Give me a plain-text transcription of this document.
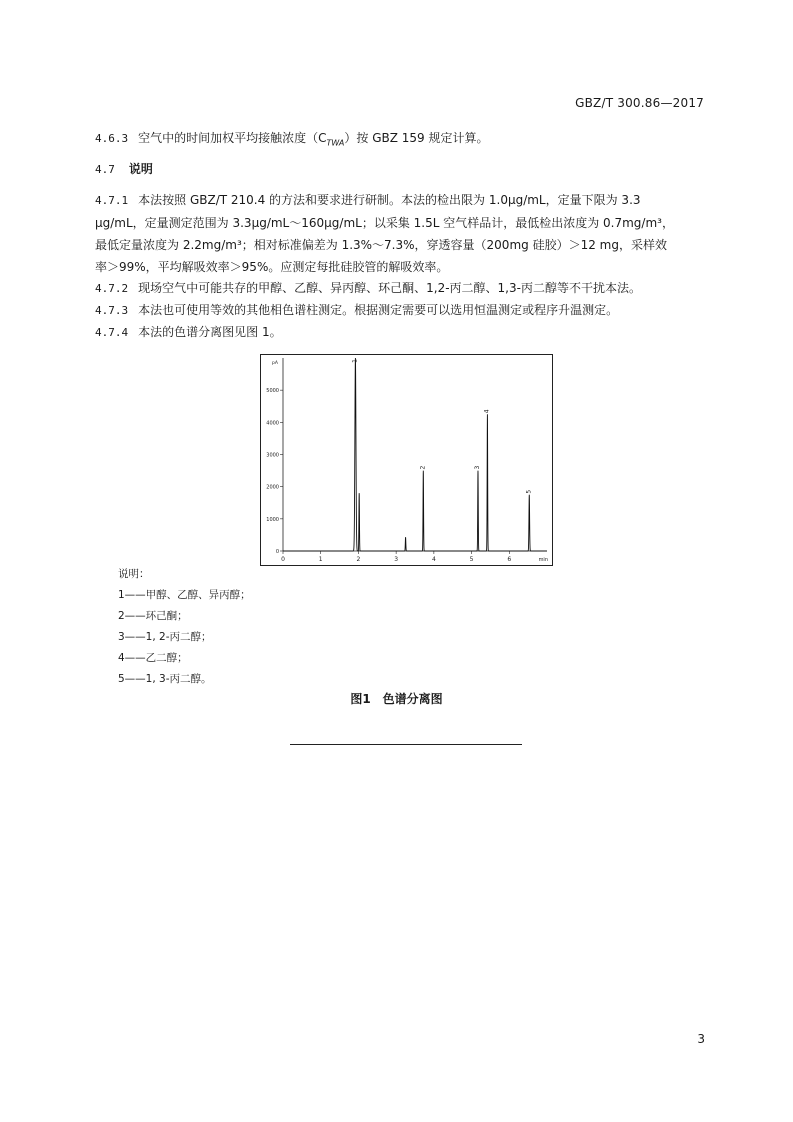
GBZ/T 300.86—2017
4.6.3 空气中的时间加权平均接触浓度$(C_{TWA})$按 GBZ 159 规定计算。
4.7 说明
4.7.1 本法按照 GBZ/T 210.4 的方法和要求进行研制。本法的检出限为 1.0μg/mL，定量下限为 3.3
μg/mL，定量测定范围为 3.3μg/mL～160μg/mL；以采集 1.5L 空气样品计，最低检出浓度为 0.7mg/m³，
最低定量浓度为 2.2mg/m³；相对标准偏差为 1.3%～7.3%，穿透容量（200mg 硅胶）＞12 mg，采样效
率＞99%，平均解吸效率＞95%。应测定每批硅胶管的解吸效率。
4.7.2 现场空气中可能共存的甲醇、乙醇、异丙醇、环己酮、1,2-丙二醇、1,3-丙二醇等不干扰本法。
4.7.3 本法也可使用等效的其他相色谱柱测定。根据测定需要可以选用恒温测定或程序升温测定。
4.7.4 本法的色谱分离图见图 1。
0	1	2	3	4	5	6	min
0
1000
2000
3000
4000
5000
pA	1
2	3
4
5
说明：
1——甲醇、乙醇、异丙醇；
2——环己酮；
3——1, 2-丙二醇；
4——乙二醇；
5——1, 3-丙二醇。
图1　色谱分离图
3
